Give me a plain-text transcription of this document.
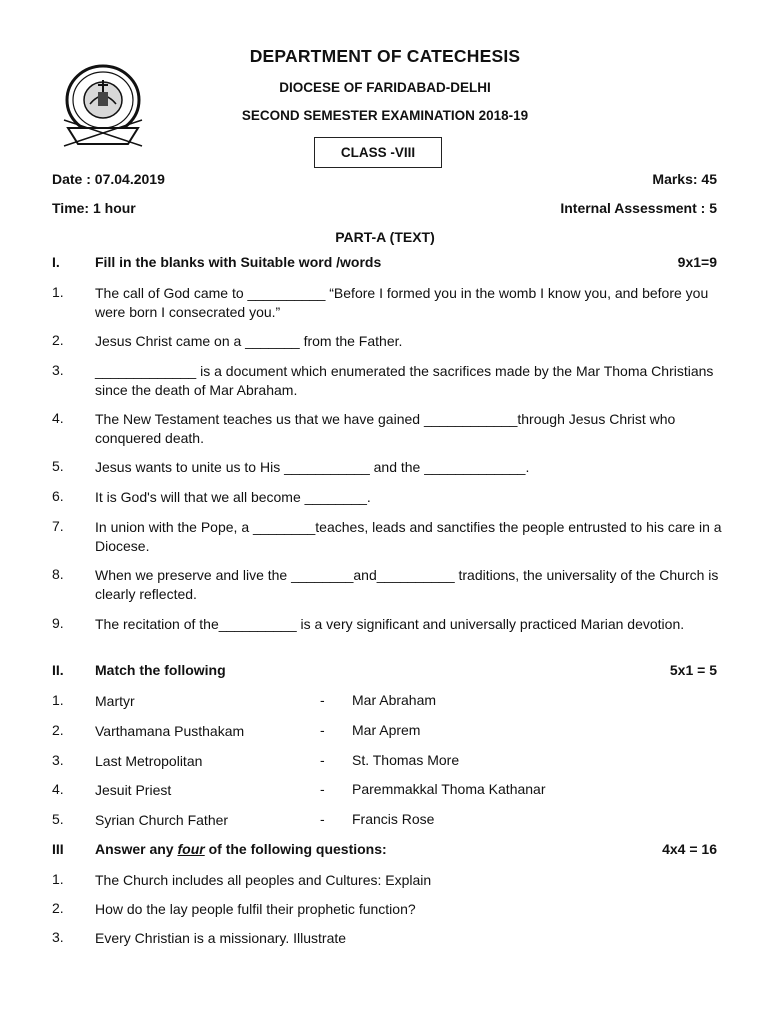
DEPARTMENT OF CATECHESIS
DIOCESE OF FARIDABAD-DELHI
SECOND SEMESTER EXAMINATION 2018-19
CLASS -VIII
Date : 07.04.2019	Marks: 45
Time: 1 hour	Internal Assessment : 5
PART-A (TEXT)
I.	Fill in the blanks with Suitable word /words	9x1=9
1. The call of God came to __________ “Before I formed you in the womb I know you, and before you were born I consecrated you.”
2. Jesus Christ came on a _______ from the Father.
3. _____________ is a document which enumerated the sacrifices made by the Mar Thoma Christians since the death of Mar Abraham.
4. The New Testament teaches us that we have gained ____________through Jesus Christ who conquered death.
5. Jesus wants to unite us to His ___________ and the _____________.
6. It is God's will that we all become ________.
7. In union with the Pope, a ________teaches, leads and sanctifies the people entrusted to his care in a Diocese.
8. When we preserve and live the ________and__________ traditions, the universality of the Church is clearly reflected.
9. The recitation of the__________ is a very significant and universally practiced Marian devotion.
II. Match the following	5x1 = 5
1. Martyr	- Mar Abraham
2. Varthamana Pusthakam	- Mar Aprem
3. Last Metropolitan	- St. Thomas More
4. Jesuit Priest	- Paremmakkal Thoma Kathanar
5. Syrian Church Father	- Francis Rose
III Answer any four of the following questions:	4x4 = 16
1. The Church includes all peoples and Cultures: Explain
2. How do the lay people fulfil their prophetic function?
3. Every Christian is a missionary. Illustrate
